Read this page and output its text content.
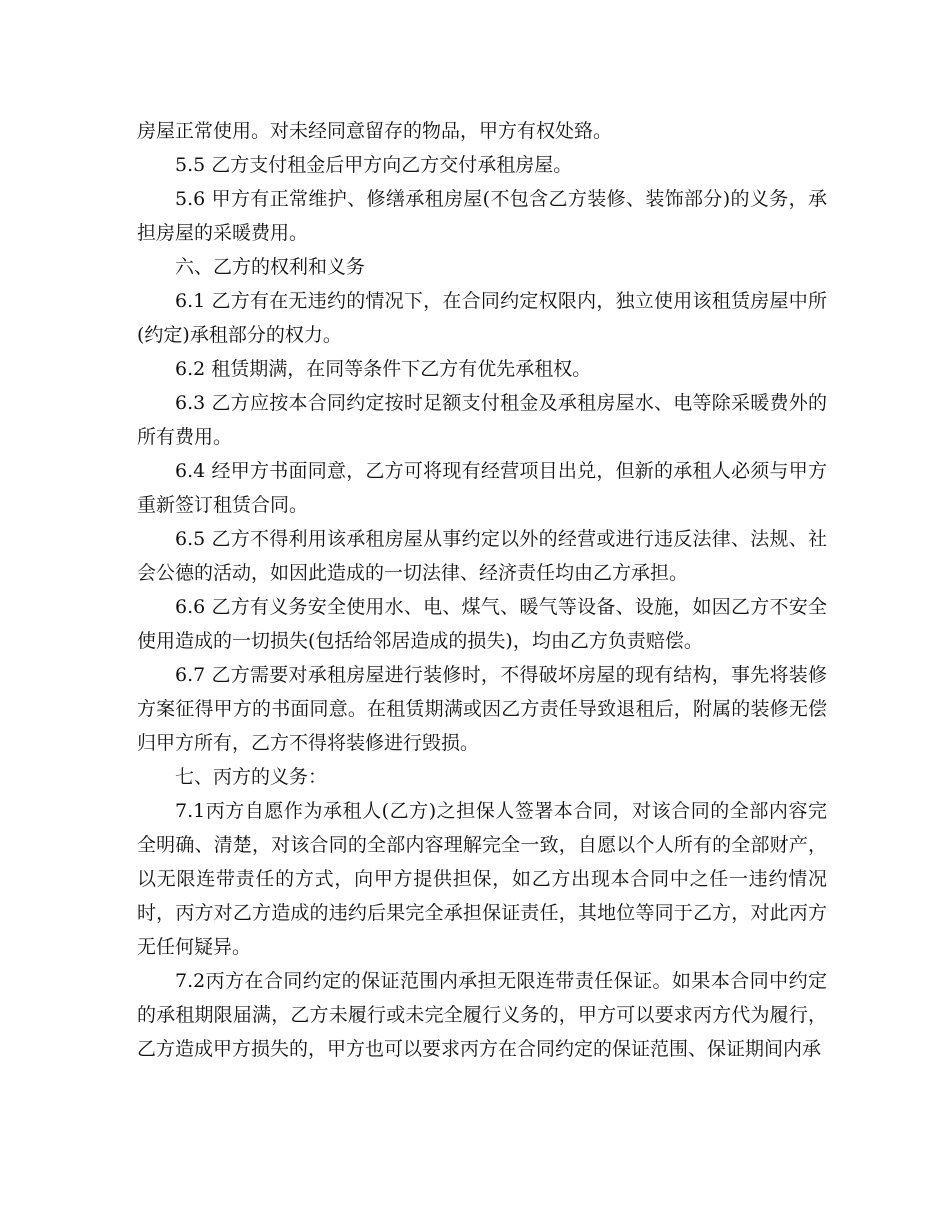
房屋正常使用。对未经同意留存的物品，甲方有权处臵。

5.5 乙方支付租金后甲方向乙方交付承租房屋。

5.6 甲方有正常维护、修缮承租房屋(不包含乙方装修、装饰部分)的义务，承担房屋的采暖费用。

六、乙方的权利和义务

6.1 乙方有在无违约的情况下，在合同约定权限内，独立使用该租赁房屋中所(约定)承租部分的权力。

6.2 租赁期满，在同等条件下乙方有优先承租权。

6.3 乙方应按本合同约定按时足额支付租金及承租房屋水、电等除采暖费外的所有费用。

6.4 经甲方书面同意，乙方可将现有经营项目出兑，但新的承租人必须与甲方重新签订租赁合同。

6.5 乙方不得利用该承租房屋从事约定以外的经营或进行违反法律、法规、社会公德的活动，如因此造成的一切法律、经济责任均由乙方承担。

6.6 乙方有义务安全使用水、电、煤气、暖气等设备、设施，如因乙方不安全使用造成的一切损失(包括给邻居造成的损失)，均由乙方负责赔偿。

6.7 乙方需要对承租房屋进行装修时，不得破坏房屋的现有结构，事先将装修方案征得甲方的书面同意。在租赁期满或因乙方责任导致退租后，附属的装修无偿归甲方所有，乙方不得将装修进行毁损。

七、丙方的义务：

7.1丙方自愿作为承租人(乙方)之担保人签署本合同，对该合同的全部内容完全明确、清楚，对该合同的全部内容理解完全一致，自愿以个人所有的全部财产，以无限连带责任的方式，向甲方提供担保，如乙方出现本合同中之任一违约情况时，丙方对乙方造成的违约后果完全承担保证责任，其地位等同于乙方，对此丙方无任何疑异。

7.2丙方在合同约定的保证范围内承担无限连带责任保证。如果本合同中约定的承租期限届满，乙方未履行或未完全履行义务的，甲方可以要求丙方代为履行，乙方造成甲方损失的，甲方也可以要求丙方在合同约定的保证范围、保证期间内承
